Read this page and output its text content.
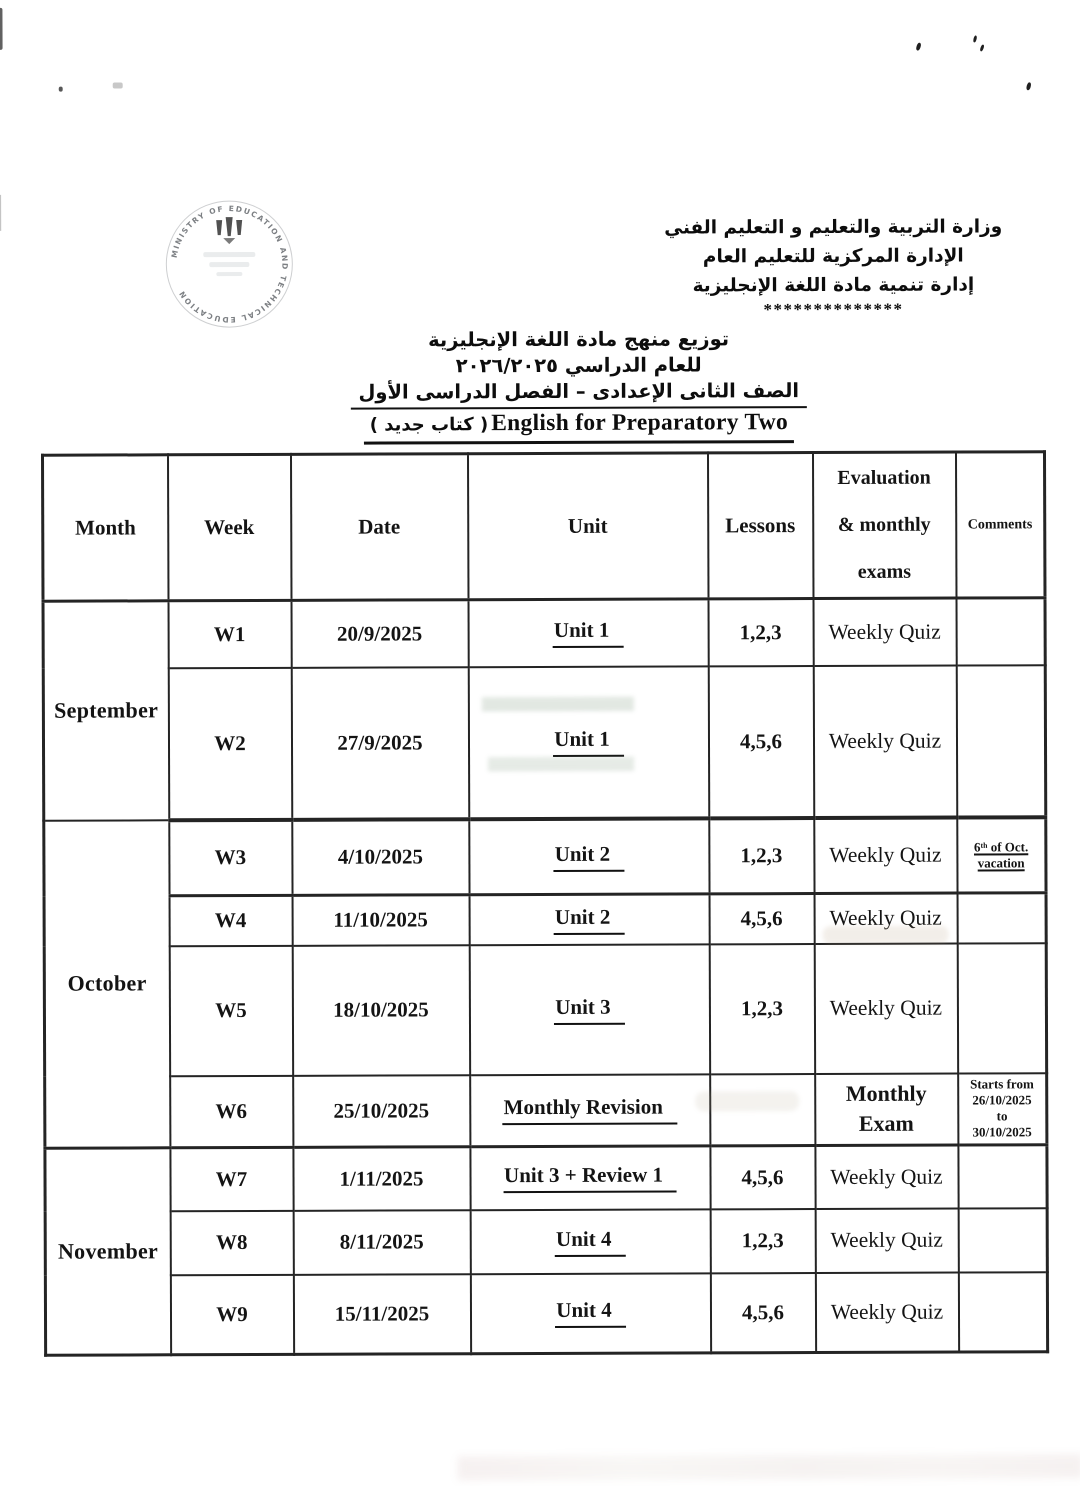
MINISTRY OF EDUCATION AND TECHNICAL EDUCATION
وزارة التربية والتعليم و التعليم الفني
الإدارة المركزية للتعليم العام
إدارة تنمية مادة اللغة الإنجليزية
**************
توزيع منهج مادة اللغة الإنجليزية
للعام الدراسي ٢٠٢٦/٢٠٢٥
الصف الثانى الإعدادى – الفصل الدراسى الأول
( كتاب جديد ) English for Preparatory Two
Month	Week	Date	Unit	Lessons	Evaluation
& monthly
exams	Comments
September	W1	20/9/2025	Unit 1	1,2,3	Weekly Quiz	
	W2	27/9/2025	Unit 1	4,5,6	Weekly Quiz	
October	W3	4/10/2025	Unit 2	1,2,3	Weekly Quiz	6ᵗʰ of Oct.
vacation
	W4	11/10/2025	Unit 2	4,5,6	Weekly Quiz	
	W5	18/10/2025	Unit 3	1,2,3	Weekly Quiz	
	W6	25/10/2025	Monthly Revision		Monthly
Exam	Starts from
26/10/2025
to
30/10/2025
November	W7	1/11/2025	Unit 3 + Review 1	4,5,6	Weekly Quiz	
	W8	8/11/2025	Unit 4	1,2,3	Weekly Quiz	
	W9	15/11/2025	Unit 4	4,5,6	Weekly Quiz	
